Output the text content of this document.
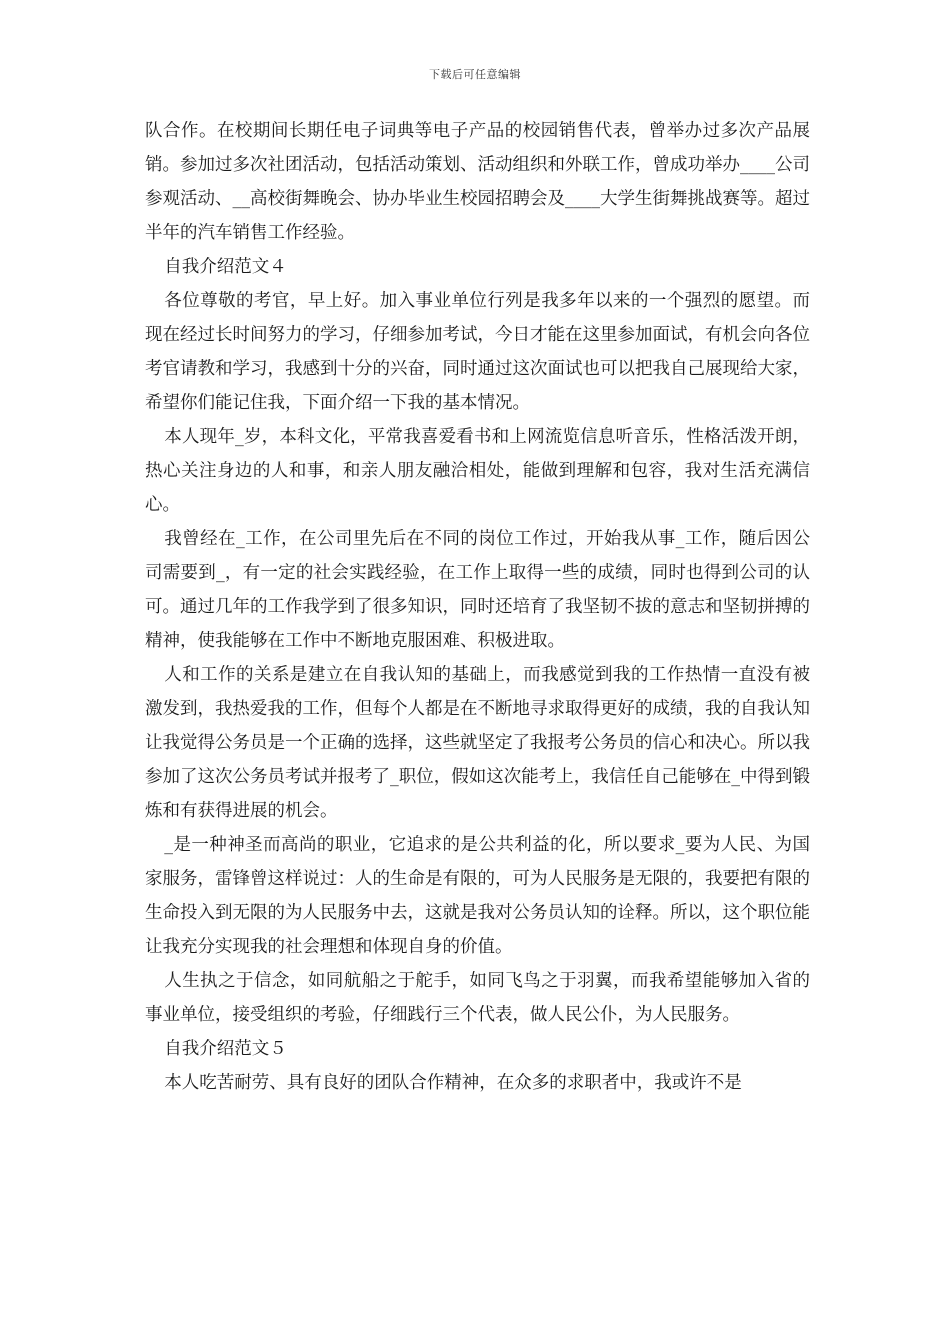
下载后可任意编辑

队合作。在校期间长期任电子词典等电子产品的校园销售代表，曾举办过多次产品展销。参加过多次社团活动，包括活动策划、活动组织和外联工作，曾成功举办____公司参观活动、__高校街舞晚会、协办毕业生校园招聘会及____大学生街舞挑战赛等。超过半年的汽车销售工作经验。

自我介绍范文４

各位尊敬的考官，早上好。加入事业单位行列是我多年以来的一个强烈的愿望。而现在经过长时间努力的学习，仔细参加考试，今日才能在这里参加面试，有机会向各位考官请教和学习，我感到十分的兴奋，同时通过这次面试也可以把我自己展现给大家，希望你们能记住我，下面介绍一下我的基本情况。

本人现年_岁，本科文化，平常我喜爱看书和上网流览信息听音乐，性格活泼开朗，热心关注身边的人和事，和亲人朋友融洽相处，能做到理解和包容，我对生活充满信心。

我曾经在_工作，在公司里先后在不同的岗位工作过，开始我从事_工作，随后因公司需要到_，有一定的社会实践经验，在工作上取得一些的成绩，同时也得到公司的认可。通过几年的工作我学到了很多知识，同时还培育了我坚韧不拔的意志和坚韧拼搏的精神，使我能够在工作中不断地克服困难、积极进取。

人和工作的关系是建立在自我认知的基础上，而我感觉到我的工作热情一直没有被激发到，我热爱我的工作，但每个人都是在不断地寻求取得更好的成绩，我的自我认知让我觉得公务员是一个正确的选择，这些就坚定了我报考公务员的信心和决心。所以我参加了这次公务员考试并报考了_职位，假如这次能考上，我信任自己能够在_中得到锻炼和有获得进展的机会。

_是一种神圣而高尚的职业，它追求的是公共利益的化，所以要求_要为人民、为国家服务，雷锋曾这样说过：人的生命是有限的，可为人民服务是无限的，我要把有限的生命投入到无限的为人民服务中去，这就是我对公务员认知的诠释。所以，这个职位能让我充分实现我的社会理想和体现自身的价值。

人生执之于信念，如同航船之于舵手，如同飞鸟之于羽翼，而我希望能够加入省的事业单位，接受组织的考验，仔细践行三个代表，做人民公仆，为人民服务。

自我介绍范文５

本人吃苦耐劳、具有良好的团队合作精神，在众多的求职者中，我或许不是
